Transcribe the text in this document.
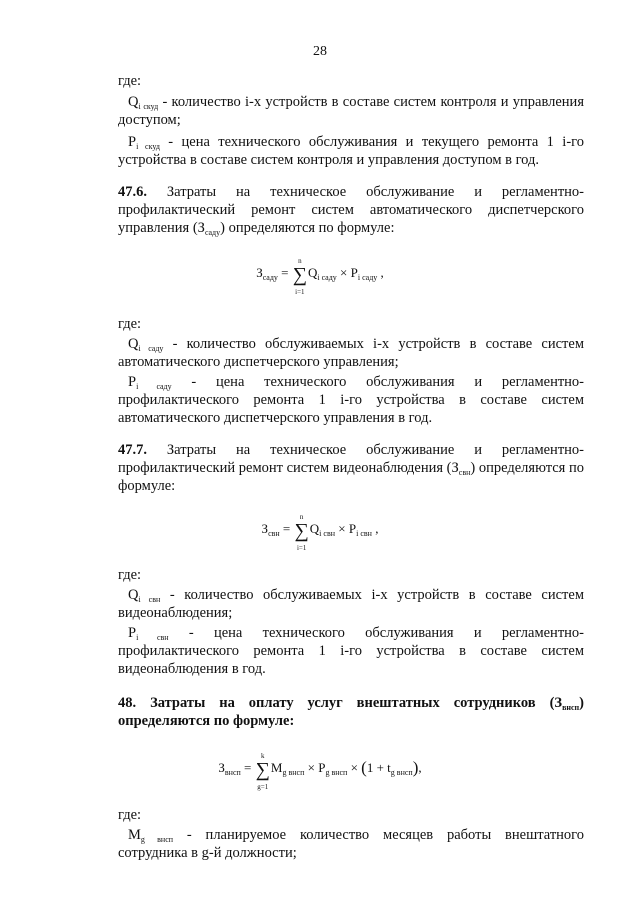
28
где:
$Q_{i скуд}$ - количество i-х устройств в составе систем контроля и управления
доступом;
$P_{i скуд}$ - цена технического обслуживания и текущего ремонта 1 i-го
устройства в составе систем контроля и управления доступом в год.
47.6. Затраты на техническое обслуживание и регламентно-
профилактический ремонт систем автоматического диспетчерского
управления $(З_{сaду})$ определяются по формуле:
$З_{сaду}$ = ∑
n
i=1
$Q_{i сaду} \times P_{i сaду}$ ,
где:
$Q_{i сaду}$ - количество обслуживаемых i-х устройств в составе систем
автоматического диспетчерского управления;
$P_{i сaду}$ - цена технического обслуживания и регламентно-
профилактического ремонта 1 i-го устройства в составе систем
автоматического диспетчерского управления в год.
47.7. Затраты на техническое обслуживание и регламентно-
профилактический ремонт систем видеонаблюдения $(З_{свн})$ определяются по
формуле:
$З_{свн}$ = ∑
n
i=1
$Q_{i свн} \times P_{i свн}$ ,
где:
$Q_{i свн}$ - количество обслуживаемых i-х устройств в составе систем
видеонаблюдения;
$P_{i свн}$ - цена технического обслуживания и регламентно-
профилактического ремонта 1 i-го устройства в составе систем
видеонаблюдения в год.
48. Затраты на оплату услуг внештатных сотрудников $(З_{внсп})$
определяются по формуле:
$З_{внсп}$ = ∑
k
g=1
$M_{g внсп} \times P_{g внсп} \times (1 + t_{g внсп})$,
где:
$M_{g внсп}$ - планируемое количество месяцев работы внештатного
сотрудника в g-й должности;
